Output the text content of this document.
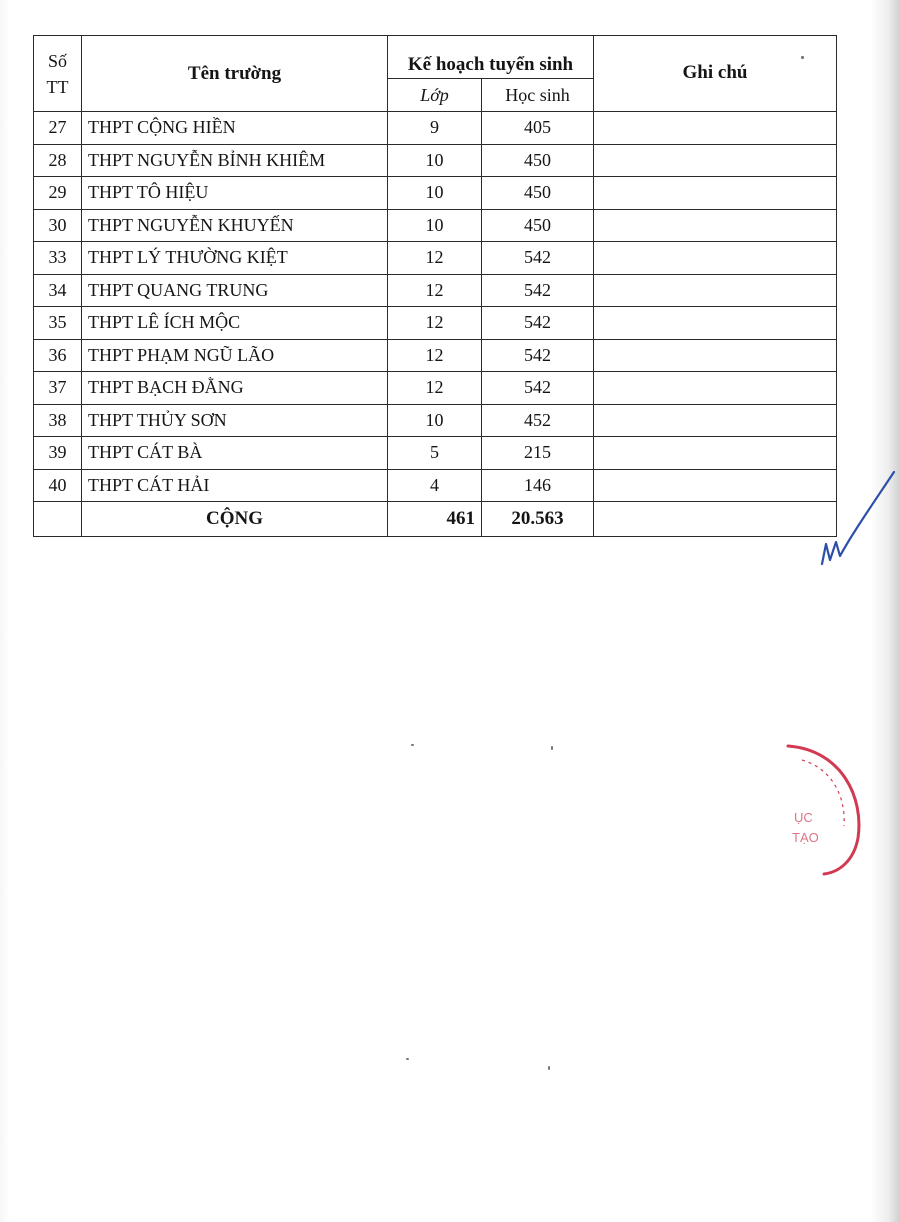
Số
TT	Tên trường	Kế hoạch tuyển sinh		Ghi chú
		Lớp	Học sinh	
27	THPT CỘNG HIỀN	9	405	
28	THPT NGUYỄN BỈNH KHIÊM	10	450	
29	THPT TÔ HIỆU	10	450	
30	THPT NGUYỄN KHUYẾN	10	450	
33	THPT LÝ THƯỜNG KIỆT	12	542	
34	THPT QUANG TRUNG	12	542	
35	THPT LÊ ÍCH MỘC	12	542	
36	THPT PHẠM NGŨ LÃO	12	542	
37	THPT BẠCH ĐẰNG	12	542	
38	THPT THỦY SƠN	10	452	
39	THPT CÁT BÀ	5	215	
40	THPT CÁT HẢI	4	146	
	CỘNG	461	20.563	
ỤC
TẠO
